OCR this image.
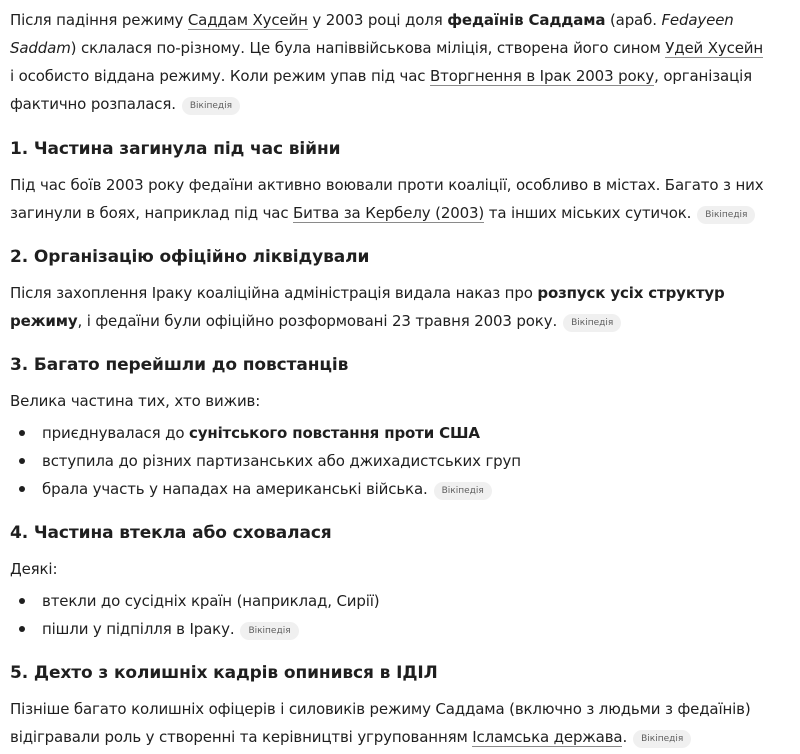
Після падіння режиму Саддам Хусейн у 2003 році доля федаїнів Саддама (араб. Fedayeen Saddam) склалася по-різному. Це була напіввійськова міліція, створена його сином Удей Хусейн і особисто віддана режиму. Коли режим упав під час Вторгнення в Ірак 2003 року, організація фактично розпалася. Вікіпедія

1. Частина загинула під час війни

Під час боїв 2003 року федаїни активно воювали проти коаліції, особливо в містах. Багато з них загинули в боях, наприклад під час Битва за Кербелу (2003) та інших міських сутичок. Вікіпедія

2. Організацію офіційно ліквідували

Після захоплення Іраку коаліційна адміністрація видала наказ про розпуск усіх структур режиму, і федаїни були офіційно розформовані 23 травня 2003 року. Вікіпедія

3. Багато перейшли до повстанців

Велика частина тих, хто вижив:

приєднувалася до сунітського повстання проти США
вступила до різних партизанських або джихадистських груп
брала участь у нападах на американські війська. Вікіпедія
4. Частина втекла або сховалася

Деякі:

втекли до сусідніх країн (наприклад, Сирії)
пішли у підпілля в Іраку. Вікіпедія
5. Дехто з колишніх кадрів опинився в ІДІЛ

Пізніше багато колишніх офіцерів і силовиків режиму Саддама (включно з людьми з федаїнів) відігравали роль у створенні та керівництві угрупованням Ісламська держава. Вікіпедія
